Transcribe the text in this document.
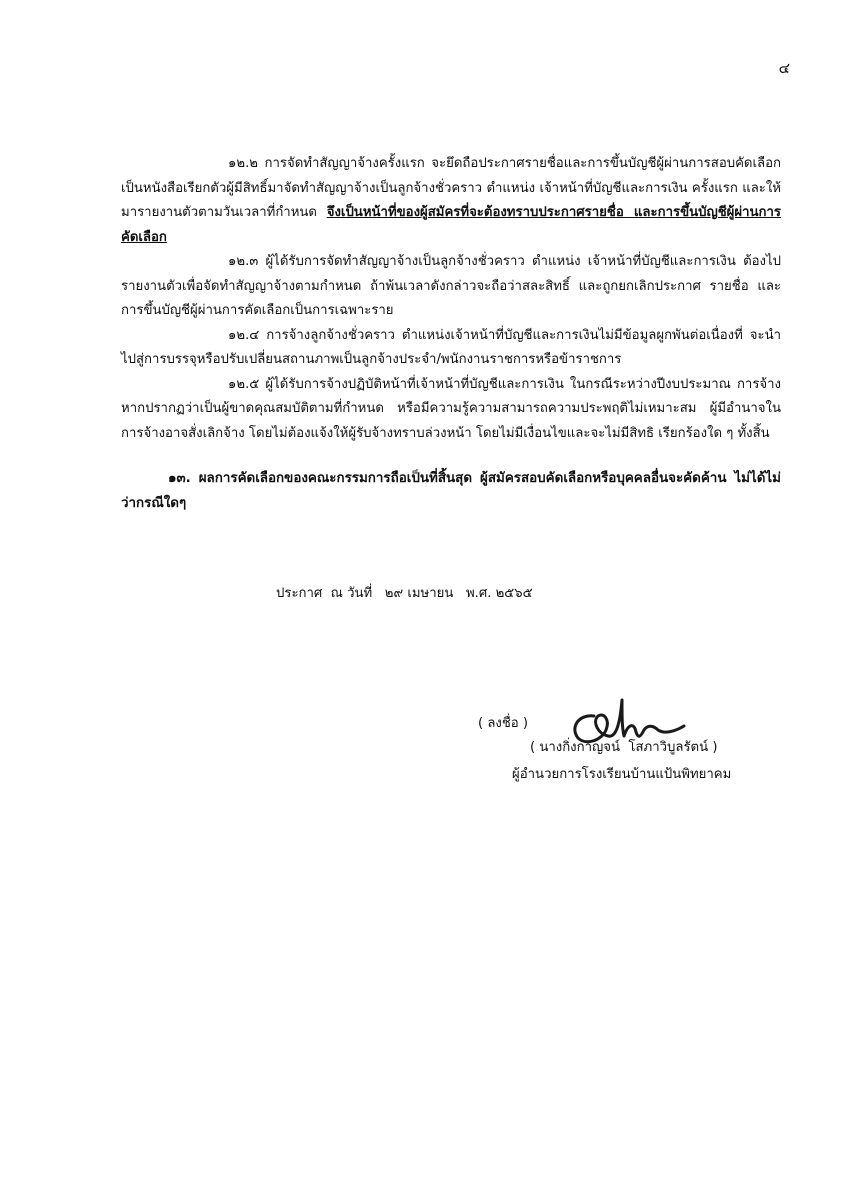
๔

๑๒.๒ การจัดทำสัญญาจ้างครั้งแรก จะยึดถือประกาศรายชื่อและการขึ้นบัญชีผู้ผ่านการสอบคัดเลือก เป็นหนังสือเรียกตัวผู้มีสิทธิ์มาจัดทำสัญญาจ้างเป็นลูกจ้างชั่วคราว ตำแหน่ง เจ้าหน้าที่บัญชีและการเงิน ครั้งแรก และให้มารายงานตัวตามวันเวลาที่กำหนด จึงเป็นหน้าที่ของผู้สมัครที่จะต้องทราบประกาศรายชื่อ และการขึ้นบัญชีผู้ผ่านการคัดเลือก

๑๒.๓ ผู้ได้รับการจัดทำสัญญาจ้างเป็นลูกจ้างชั่วคราว ตำแหน่ง เจ้าหน้าที่บัญชีและการเงิน ต้องไปรายงานตัวเพื่อจัดทำสัญญาจ้างตามกำหนด ถ้าพ้นเวลาดังกล่าวจะถือว่าสละสิทธิ์ และถูกยกเลิกประกาศ รายชื่อ และการขึ้นบัญชีผู้ผ่านการคัดเลือกเป็นการเฉพาะราย

๑๒.๔ การจ้างลูกจ้างชั่วคราว ตำแหน่งเจ้าหน้าที่บัญชีและการเงินไม่มีข้อมูลผูกพันต่อเนื่องที่ จะนำไปสู่การบรรจุหรือปรับเปลี่ยนสถานภาพเป็นลูกจ้างประจำ/พนักงานราชการหรือข้าราชการ

๑๒.๕ ผู้ได้รับการจ้างปฏิบัติหน้าที่เจ้าหน้าที่บัญชีและการเงิน ในกรณีระหว่างปีงบประมาณ การจ้างหากปรากฏว่าเป็นผู้ขาดคุณสมบัติตามที่กำหนด หรือมีความรู้ความสามารถความประพฤติไม่เหมาะสม ผู้มีอำนาจในการจ้างอาจสั่งเลิกจ้าง โดยไม่ต้องแจ้งให้ผู้รับจ้างทราบล่วงหน้า โดยไม่มีเงื่อนไขและจะไม่มีสิทธิ เรียกร้องใด ๆ ทั้งสิ้น

๑๓. ผลการคัดเลือกของคณะกรรมการถือเป็นที่สิ้นสุด ผู้สมัครสอบคัดเลือกหรือบุคคลอื่นจะคัดค้าน ไม่ได้ไม่ว่ากรณีใดๆ

ประกาศ  ณ วันที่   ๒๙ เมษายน   พ.ศ. ๒๕๖๕
( ลงชื่อ )
( นางกิ่งกาญจน์  โสภาวิบูลรัตน์ )
ผู้อำนวยการโรงเรียนบ้านแป้นพิทยาคม
